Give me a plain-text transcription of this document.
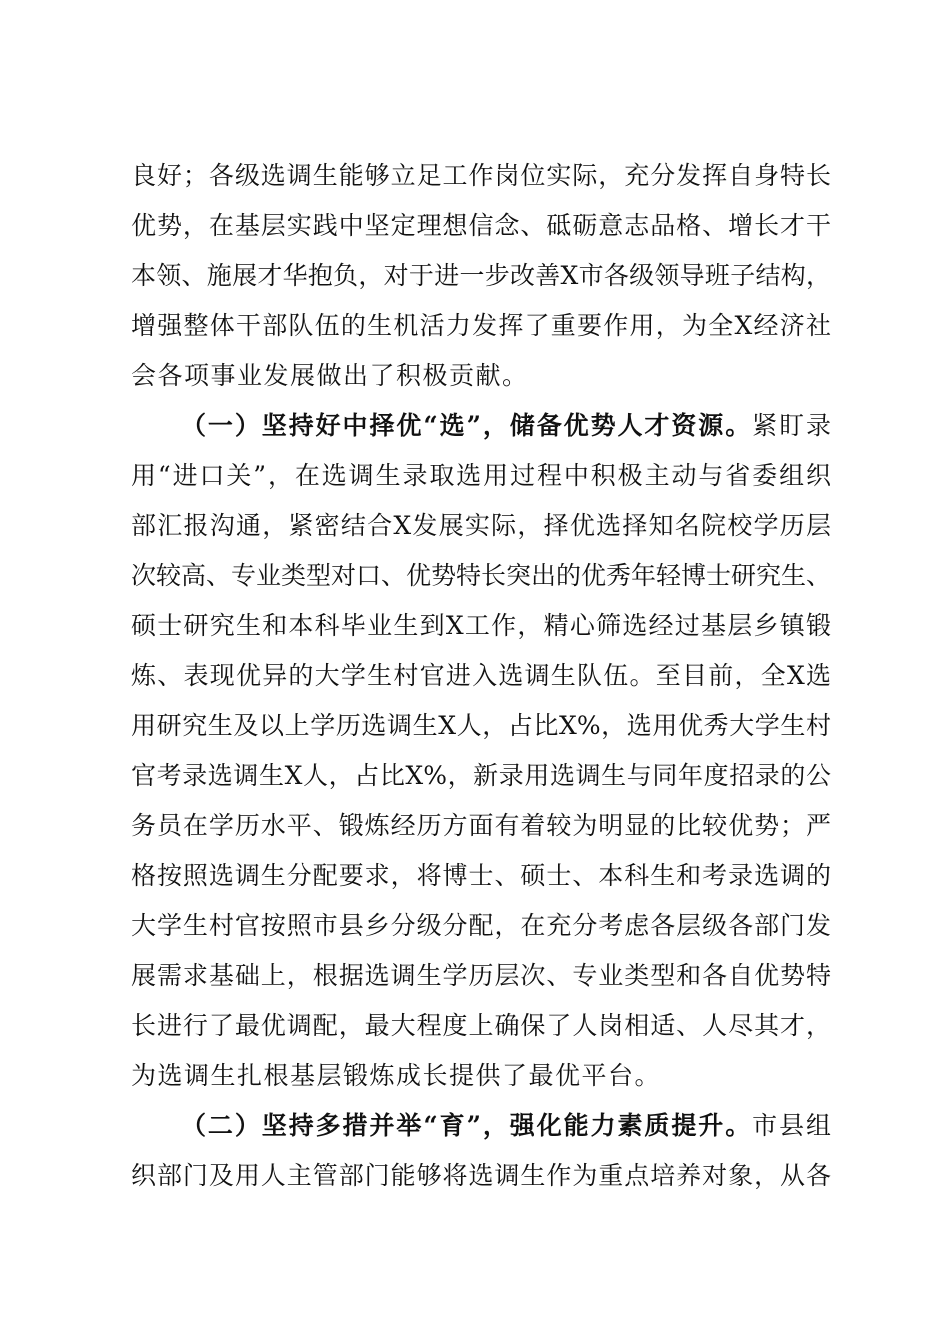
良好；各级选调生能够立足工作岗位实际，充分发挥自身特长
优势，在基层实践中坚定理想信念、砥砺意志品格、增长才干
本领、施展才华抱负，对于进一步改善X市各级领导班子结构，
增强整体干部队伍的生机活力发挥了重要作用，为全X经济社
会各项事业发展做出了积极贡献。
（一）坚持好中择优“选”，储备优势人才资源。紧盯录
用“进口关”，在选调生录取选用过程中积极主动与省委组织
部汇报沟通，紧密结合X发展实际，择优选择知名院校学历层
次较高、专业类型对口、优势特长突出的优秀年轻博士研究生、
硕士研究生和本科毕业生到X工作，精心筛选经过基层乡镇锻
炼、表现优异的大学生村官进入选调生队伍。至目前，全X选
用研究生及以上学历选调生X人，占比X%，选用优秀大学生村
官考录选调生X人，占比X%，新录用选调生与同年度招录的公
务员在学历水平、锻炼经历方面有着较为明显的比较优势；严
格按照选调生分配要求，将博士、硕士、本科生和考录选调的
大学生村官按照市县乡分级分配，在充分考虑各层级各部门发
展需求基础上，根据选调生学历层次、专业类型和各自优势特
长进行了最优调配，最大程度上确保了人岗相适、人尽其才，
为选调生扎根基层锻炼成长提供了最优平台。
（二）坚持多措并举“育”，强化能力素质提升。市县组
织部门及用人主管部门能够将选调生作为重点培养对象，从各
